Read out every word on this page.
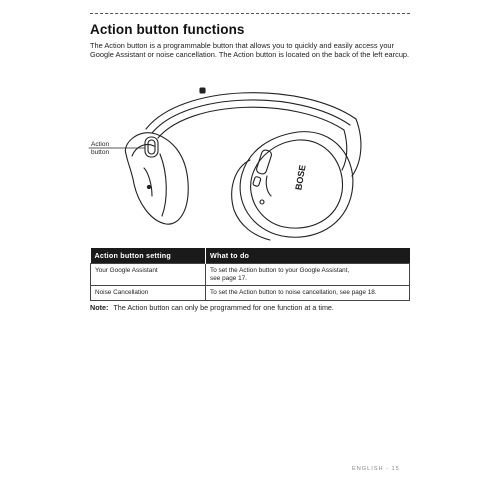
Action button functions

The Action button is a programmable button that allows you to quickly and easily access your Google Assistant or noise cancellation. The Action button is located on the back of the left earcup.

BOSE
Action
button
Action button setting	What to do
Your Google Assistant	To set the Action button to your Google Assistant,
see page 17.

Noise Cancellation	To set the Action button to noise cancellation, see page 18.
Note: The Action button can only be programmed for one function at a time.
ENGLISH - 15
